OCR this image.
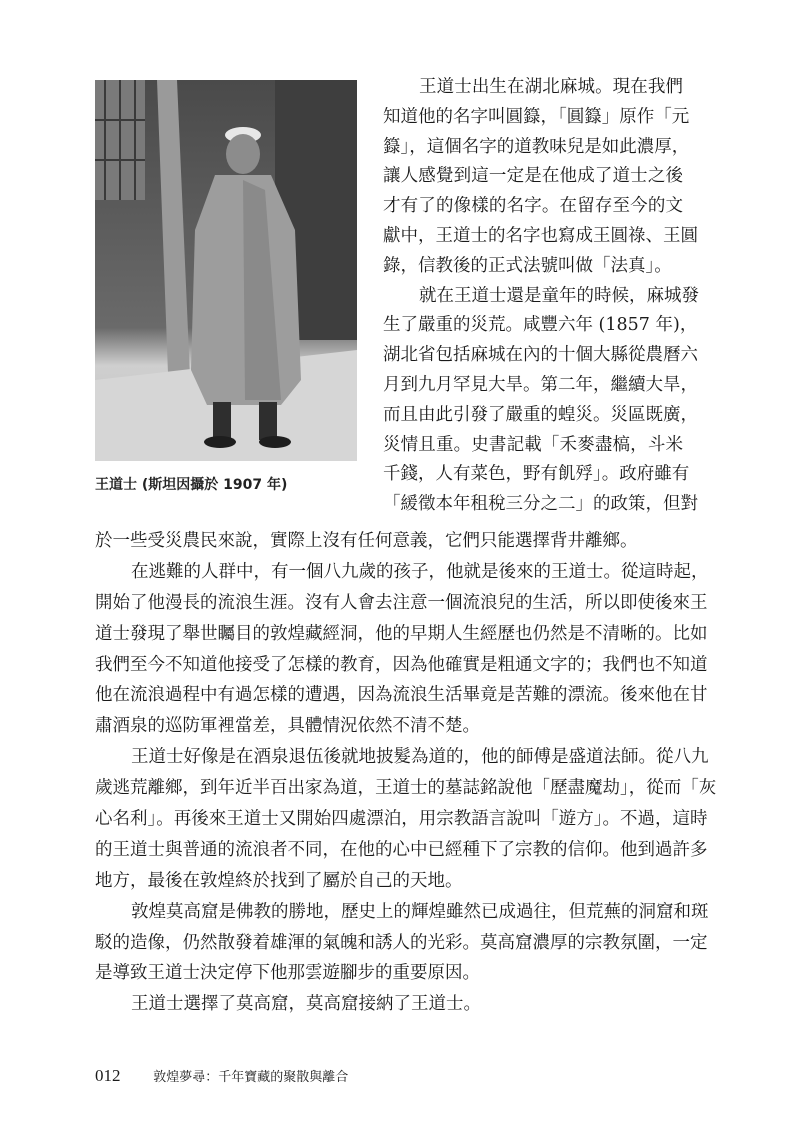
王道士 (斯坦因攝於 1907 年)
王道士出生在湖北麻城。現在我們
知道他的名字叫圓籙，「圓籙」原作「元
籙」，這個名字的道教味兒是如此濃厚，
讓人感覺到這一定是在他成了道士之後
才有了的像樣的名字。在留存至今的文
獻中，王道士的名字也寫成王圓祿、王圓
錄，信教後的正式法號叫做「法真」。
就在王道士還是童年的時候，麻城發
生了嚴重的災荒。咸豐六年 (1857 年)，
湖北省包括麻城在內的十個大縣從農曆六
月到九月罕見大旱。第二年，繼續大旱，
而且由此引發了嚴重的蝗災。災區既廣，
災情且重。史書記載「禾麥盡槁，斗米
千錢，人有菜色，野有飢殍」。政府雖有
「緩徵本年租稅三分之二」的政策，但對
於一些受災農民來說，實際上沒有任何意義，它們只能選擇背井離鄉。
在逃難的人群中，有一個八九歲的孩子，他就是後來的王道士。從這時起，
開始了他漫長的流浪生涯。沒有人會去注意一個流浪兒的生活，所以即使後來王
道士發現了舉世矚目的敦煌藏經洞，他的早期人生經歷也仍然是不清晰的。比如
我們至今不知道他接受了怎樣的教育，因為他確實是粗通文字的；我們也不知道
他在流浪過程中有過怎樣的遭遇，因為流浪生活畢竟是苦難的漂流。後來他在甘
肅酒泉的巡防軍裡當差，具體情況依然不清不楚。
王道士好像是在酒泉退伍後就地披髮為道的，他的師傅是盛道法師。從八九
歲逃荒離鄉，到年近半百出家為道，王道士的墓誌銘說他「歷盡魔劫」，從而「灰
心名利」。再後來王道士又開始四處漂泊，用宗教語言說叫「遊方」。不過，這時
的王道士與普通的流浪者不同，在他的心中已經種下了宗教的信仰。他到過許多
地方，最後在敦煌終於找到了屬於自己的天地。
敦煌莫高窟是佛教的勝地，歷史上的輝煌雖然已成過往，但荒蕪的洞窟和斑
駁的造像，仍然散發着雄渾的氣魄和誘人的光彩。莫高窟濃厚的宗教氛圍，一定
是導致王道士決定停下他那雲遊腳步的重要原因。
王道士選擇了莫高窟，莫高窟接納了王道士。
012	敦煌夢尋：千年寶藏的聚散與離合
